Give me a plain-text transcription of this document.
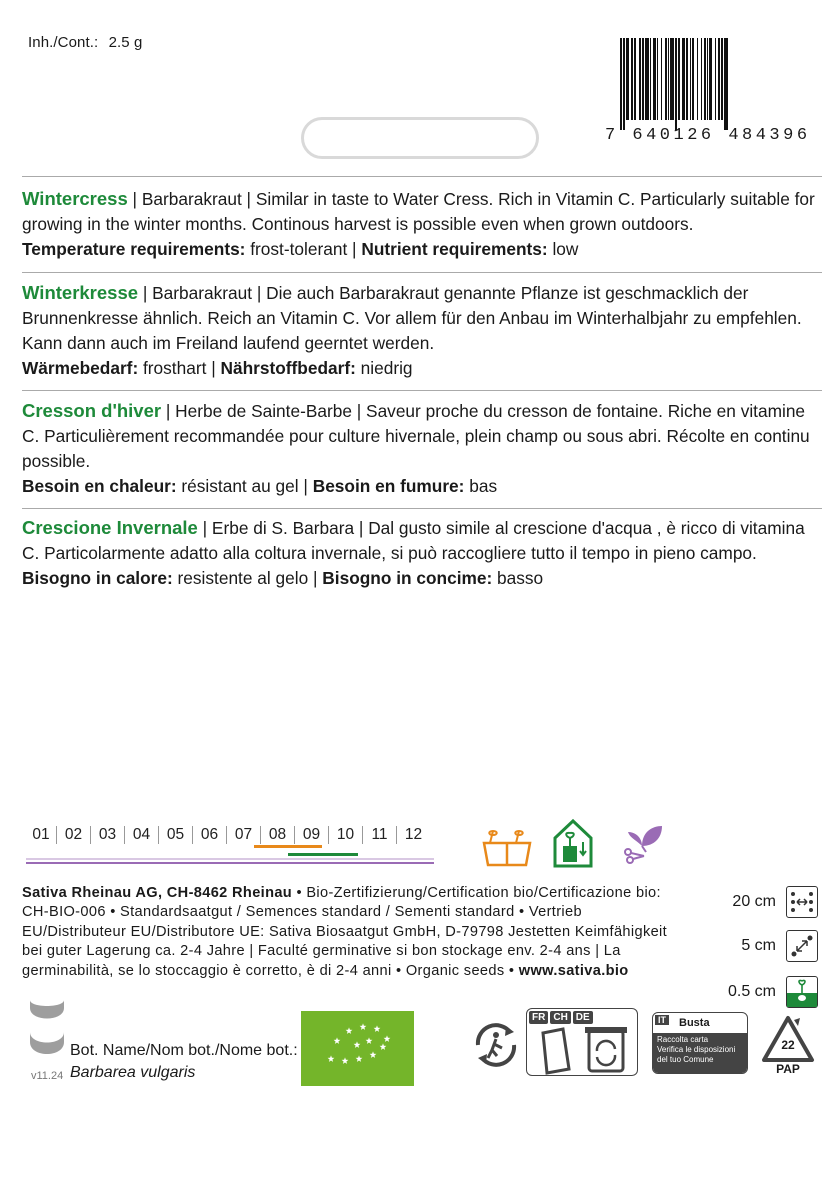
Inh./Cont.: 2.5 g
7 640126 484396
Wintercress | Barbarakraut | Similar in taste to Water Cress. Rich in Vitamin C. Particularly suitable for growing in the winter months. Continous harvest is possible even when grown outdoors.
Temperature requirements: frost-tolerant | Nutrient requirements: low
Winterkresse | Barbarakraut | Die auch Barbarakraut genannte Pflanze ist geschmacklich der Brunnenkresse ähnlich. Reich an Vitamin C. Vor allem für den Anbau im Winterhalbjahr zu empfehlen. Kann dann auch im Freiland laufend geerntet werden.
Wärmebedarf: frosthart | Nährstoffbedarf: niedrig
Cresson d'hiver | Herbe de Sainte-Barbe | Saveur proche du cresson de fontaine. Riche en vitamine C. Particulièrement recommandée pour culture hivernale, plein champ ou sous abri. Récolte en continu possible.
Besoin en chaleur: résistant au gel | Besoin en fumure: bas
Crescione Invernale | Erbe di S. Barbara | Dal gusto simile al crescione d'acqua , è ricco di vitamina C. Particolarmente adatto alla coltura invernale, si può raccogliere tutto il tempo in pieno campo.
Bisogno in calore: resistente al gelo | Bisogno in concime: basso
01 02	03	04	05	06	07	08	09	10	11	12
Sativa Rheinau AG, CH-8462 Rheinau • Bio-Zertifizierung/Certification bio/Certificazione bio: CH-BIO-006 • Standardsaatgut / Semences standard / Sementi standard • Vertrieb EU/Distributeur EU/Distributore UE: Sativa Biosaatgut GmbH, D-79798 Jestetten Keimfähigkeit bei guter Lagerung ca. 2-4 Jahre | Faculté germinative si bon stockage env. 2-4 ans | La germinabilità, se lo stoccaggio è corretto, è di 2-4 anni • Organic seeds • www.sativa.bio
20 cm
5 cm
0.5 cm
v11.24
Bot. Name/Nom bot./Nome bot.:
Barbarea vulgaris
FR CH DE	IT Busta
Raccolta carta
Verifica le disposizioni
del tuo Comune
22
PAP
